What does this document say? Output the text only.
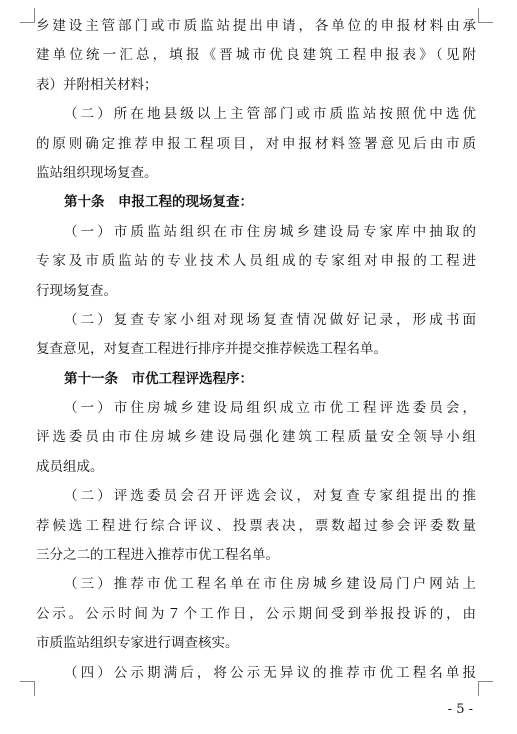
乡建设主管部门或市质监站提出申请，各单位的申报材料由承
建单位统一汇总，填报《晋城市优良建筑工程申报表》（见附
表）并附相关材料；
（二）所在地县级以上主管部门或市质监站按照优中选优
的原则确定推荐申报工程项目，对申报材料签署意见后由市质
监站组织现场复查。
第十条　申报工程的现场复查：
（一）市质监站组织在市住房城乡建设局专家库中抽取的
专家及市质监站的专业技术人员组成的专家组对申报的工程进
行现场复查。
（二）复查专家小组对现场复查情况做好记录，形成书面
复查意见，对复查工程进行排序并提交推荐候选工程名单。
第十一条　市优工程评选程序：
（一）市住房城乡建设局组织成立市优工程评选委员会，
评选委员由市住房城乡建设局强化建筑工程质量安全领导小组
成员组成。
（二）评选委员会召开评选会议，对复查专家组提出的推
荐候选工程进行综合评议、投票表决，票数超过参会评委数量
三分之二的工程进入推荐市优工程名单。
（三）推荐市优工程名单在市住房城乡建设局门户网站上
公示。公示时间为７个工作日，公示期间受到举报投诉的，由
市质监站组织专家进行调查核实。
（四）公示期满后，将公示无异议的推荐市优工程名单报
- 5 -
